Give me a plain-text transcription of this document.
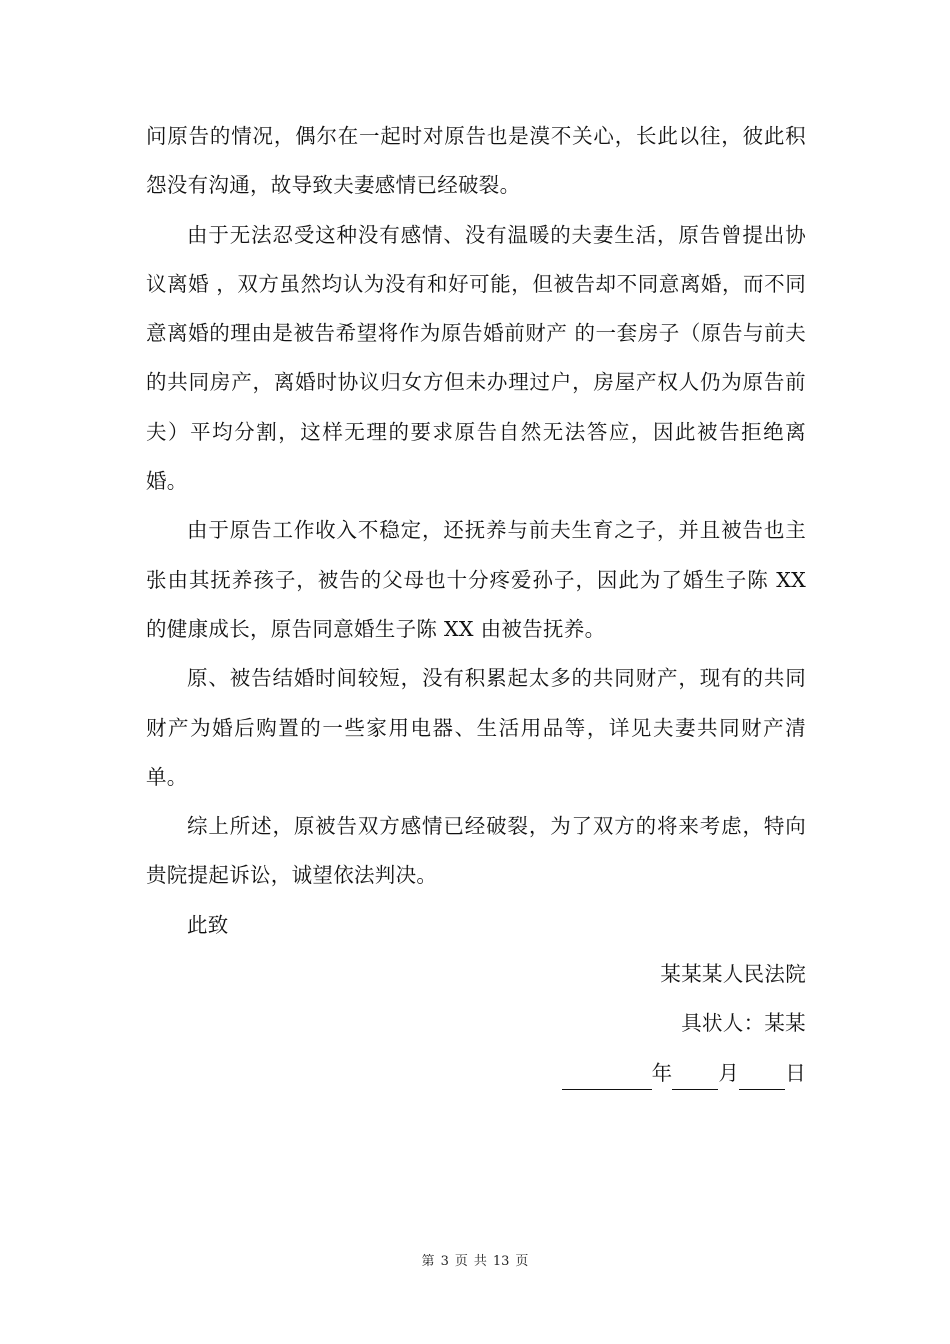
问原告的情况，偶尔在一起时对原告也是漠不关心，长此以往，彼此积怨没有沟通，故导致夫妻感情已经破裂。

由于无法忍受这种没有感情、没有温暖的夫妻生活，原告曾提出协议离婚 ，双方虽然均认为没有和好可能，但被告却不同意离婚，而不同意离婚的理由是被告希望将作为原告婚前财产 的一套房子（原告与前夫的共同房产，离婚时协议归女方但未办理过户，房屋产权人仍为原告前夫）平均分割，这样无理的要求原告自然无法答应，因此被告拒绝离婚。

由于原告工作收入不稳定，还抚养与前夫生育之子，并且被告也主张由其抚养孩子，被告的父母也十分疼爱孙子，因此为了婚生子陈 XX 的健康成长，原告同意婚生子陈 XX 由被告抚养。

原、被告结婚时间较短，没有积累起太多的共同财产，现有的共同财产为婚后购置的一些家用电器、生活用品等，详见夫妻共同财产清单。

综上所述，原被告双方感情已经破裂，为了双方的将来考虑，特向贵院提起诉讼，诚望依法判决。

此致

某某某人民法院

具状人：某某

年 月 日

第 3 页 共 13 页
